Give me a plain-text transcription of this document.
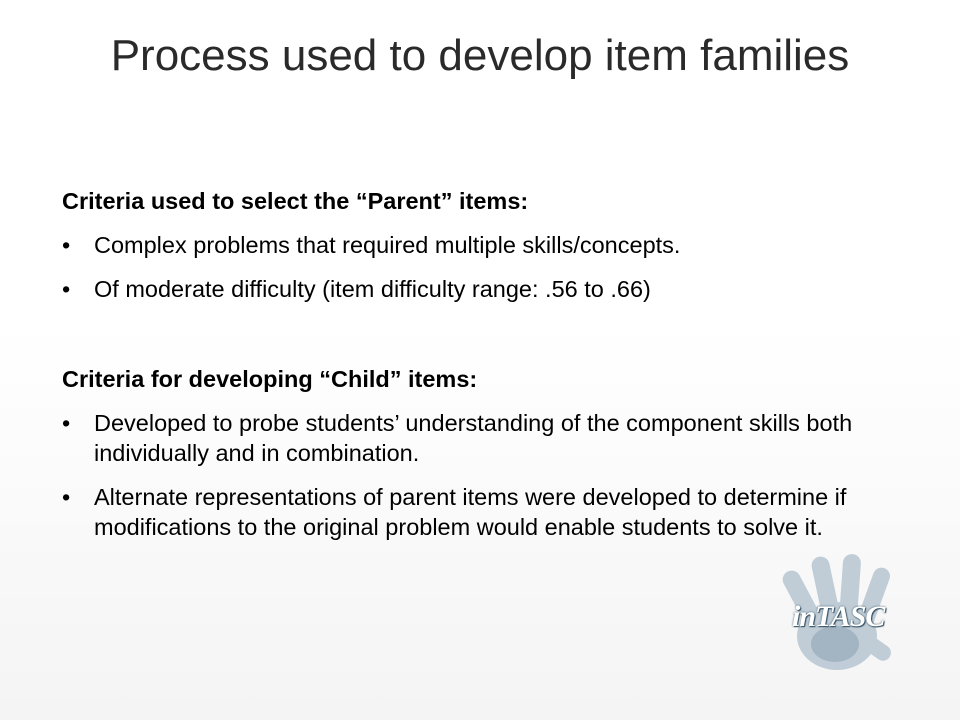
Process used to develop item families

Criteria used to select the “Parent” items:

• Complex problems that required multiple skills/concepts.
• Of moderate difficulty (item difficulty range: .56 to .66)

Criteria for developing “Child” items:

• Developed to probe students’ understanding of the component skills both individually and in combination.
• Alternate representations of parent items were developed to determine if modifications to the original problem would enable students to solve it.
inTASC
